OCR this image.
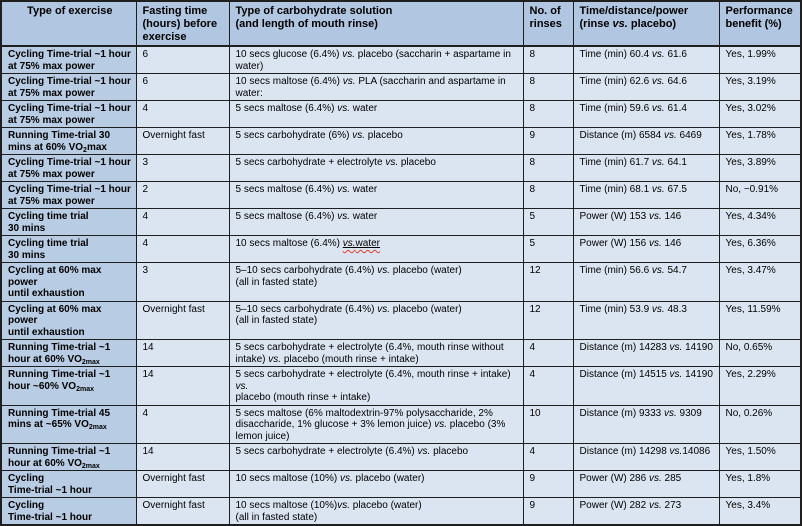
Type of exercise	Fasting time
(hours) before
exercise	Type of carbohydrate solution
(and length of mouth rinse)	No. of
rinses	Time/distance/power
(rinse vs. placebo)	Performance
benefit (%)
Cycling Time-trial ~1 hour
at 75% max power	6	10 secs glucose (6.4%) vs. placebo (saccharin + aspartame in
water)	8	Time (min) 60.4 vs. 61.6	Yes, 1.99%
Cycling Time-trial ~1 hour
at 75% max power	6	10 secs maltose (6.4%) vs. PLA (saccharin and aspartame in
water:	8	Time (min) 62.6 vs. 64.6	Yes, 3.19%
Cycling Time-trial ~1 hour
at 75% max power	4	5 secs maltose (6.4%) vs. water	8	Time (min) 59.6 vs. 61.4	Yes, 3.02%
Running Time-trial 30
mins at 60% $VO_2\max$	Overnight fast	5 secs carbohydrate (6%) vs. placebo	9	Distance (m) 6584 vs. 6469	Yes, 1.78%
Cycling Time-trial ~1 hour
at 75% max power	3	5 secs carbohydrate + electrolyte vs. placebo	8	Time (min) 61.7 vs. 64.1	Yes, 3.89%
Cycling Time-trial ~1 hour
at 75% max power	2	5 secs maltose (6.4%) vs. water	8	Time (min) 68.1 vs. 67.5	No, −0.91%
Cycling time trial
30 mins	4	5 secs maltose (6.4%) vs. water	5	Power (W) 153 vs. 146	Yes, 4.34%
Cycling time trial
30 mins	4	10 secs maltose (6.4%) vs.water	5	Power (W) 156 vs. 146	Yes, 6.36%
Cycling at 60% max power
until exhaustion	3	5–10 secs carbohydrate (6.4%) vs. placebo (water)
(all in fasted state)	12	Time (min) 56.6 vs. 54.7	Yes, 3.47%
Cycling at 60% max power
until exhaustion	Overnight fast	5–10 secs carbohydrate (6.4%) vs. placebo (water)
(all in fasted state)	12	Time (min) 53.9 vs. 48.3	Yes, 11.59%
Running Time-trial ~1
hour at 60% $VO_{2max}$	14	5 secs carbohydrate + electrolyte (6.4%, mouth rinse without
intake) vs. placebo (mouth rinse + intake)	4	Distance (m) 14283 vs. 14190	No, 0.65%
Running Time-trial ~1
hour ~60% $VO_{2max}$	14	5 secs carbohydrate + electrolyte (6.4%, mouth rinse + intake) vs.
placebo (mouth rinse + intake)	4	Distance (m) 14515 vs. 14190	Yes, 2.29%
Running Time-trial 45
mins at ~65% $VO_{2max}$	4	5 secs maltose (6% maltodextrin-97% polysaccharide, 2%
disaccharide, 1% glucose + 3% lemon juice) vs. placebo (3%
lemon juice)	10	Distance (m) 9333 vs. 9309	No, 0.26%
Running Time-trial ~1
hour at 60% $VO_{2max}$	14	5 secs carbohydrate + electrolyte (6.4%) vs. placebo	4	Distance (m) 14298 vs.14086	Yes, 1.50%
Cycling
Time-trial ~1 hour	Overnight fast	10 secs maltose (10%) vs. placebo (water)	9	Power (W) 286 vs. 285	Yes, 1.8%
Cycling
Time-trial ~1 hour	Overnight fast	10 secs maltose (10%)vs. placebo (water)
(all in fasted state)	9	Power (W) 282 vs. 273	Yes, 3.4%
